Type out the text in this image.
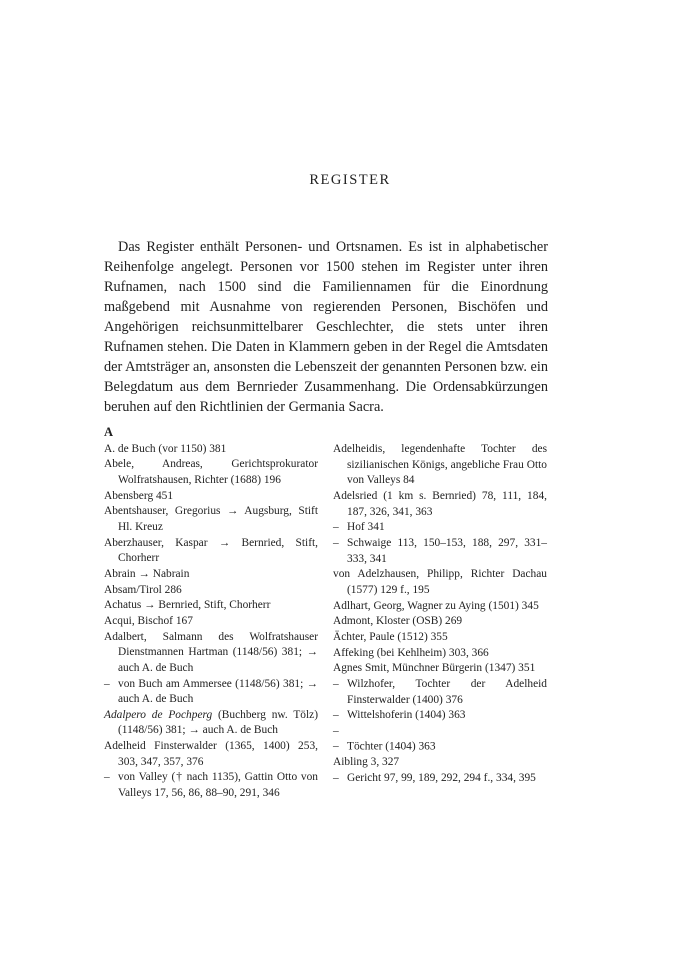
REGISTER

Das Register enthält Personen- und Ortsnamen. Es ist in alphabetischer Reihenfolge angelegt. Personen vor 1500 stehen im Register unter ihren Rufnamen, nach 1500 sind die Familiennamen für die Einordnung maßgebend mit Ausnahme von regierenden Personen, Bischöfen und Angehörigen reichsunmittelbarer Geschlechter, die stets unter ihren Rufnamen stehen. Die Daten in Klammern geben in der Regel die Amtsdaten der Amtsträger an, ansonsten die Lebenszeit der genannten Personen bzw. ein Belegdatum aus dem Bernrieder Zusammenhang. Die Ordensabkürzungen beruhen auf den Richtlinien der Germania Sacra.

A

A. de Buch (vor 1150) 381

Abele, Andreas, Gerichtsprokurator Wolfratshausen, Richter (1688) 196

Abensberg 451

Abentshauser, Gregorius → Augsburg, Stift Hl. Kreuz

Aberzhauser, Kaspar → Bernried, Stift, Chorherr

Abrain → Nabrain

Absam/Tirol 286

Achatus → Bernried, Stift, Chorherr

Acqui, Bischof 167

Adalbert, Salmann des Wolfratshauser Dienstmannen Hartman (1148/56) 381; → auch A. de Buch

– von Buch am Ammersee (1148/56) 381; → auch A. de Buch

Adalpero de Pochperg (Buchberg nw. Tölz) (1148/56) 381; → auch A. de Buch

Adelheid Finsterwalder (1365, 1400) 253, 303, 347, 357, 376

– von Valley († nach 1135), Gattin Otto von Valleys 17, 56, 86, 88–90, 291, 346

Adelheidis, legendenhafte Tochter des sizilianischen Königs, angebliche Frau Otto von Valleys 84

Adelsried (1 km s. Bernried) 78, 111, 184, 187, 326, 341, 363

– Hof 341

– Schwaige 113, 150–153, 188, 297, 331–333, 341

von Adelzhausen, Philipp, Richter Dachau (1577) 129 f., 195

Adlhart, Georg, Wagner zu Aying (1501) 345

Admont, Kloster (OSB) 269

Ächter, Paule (1512) 355

Affeking (bei Kehlheim) 303, 366

Agnes Smit, Münchner Bürgerin (1347) 351

– Wilzhofer, Tochter der Adelheid Finsterwalder (1400) 376

– Wittelshoferin (1404) 363

– – Töchter (1404) 363

Aibling 3, 327

– Gericht 97, 99, 189, 292, 294 f., 334, 395
